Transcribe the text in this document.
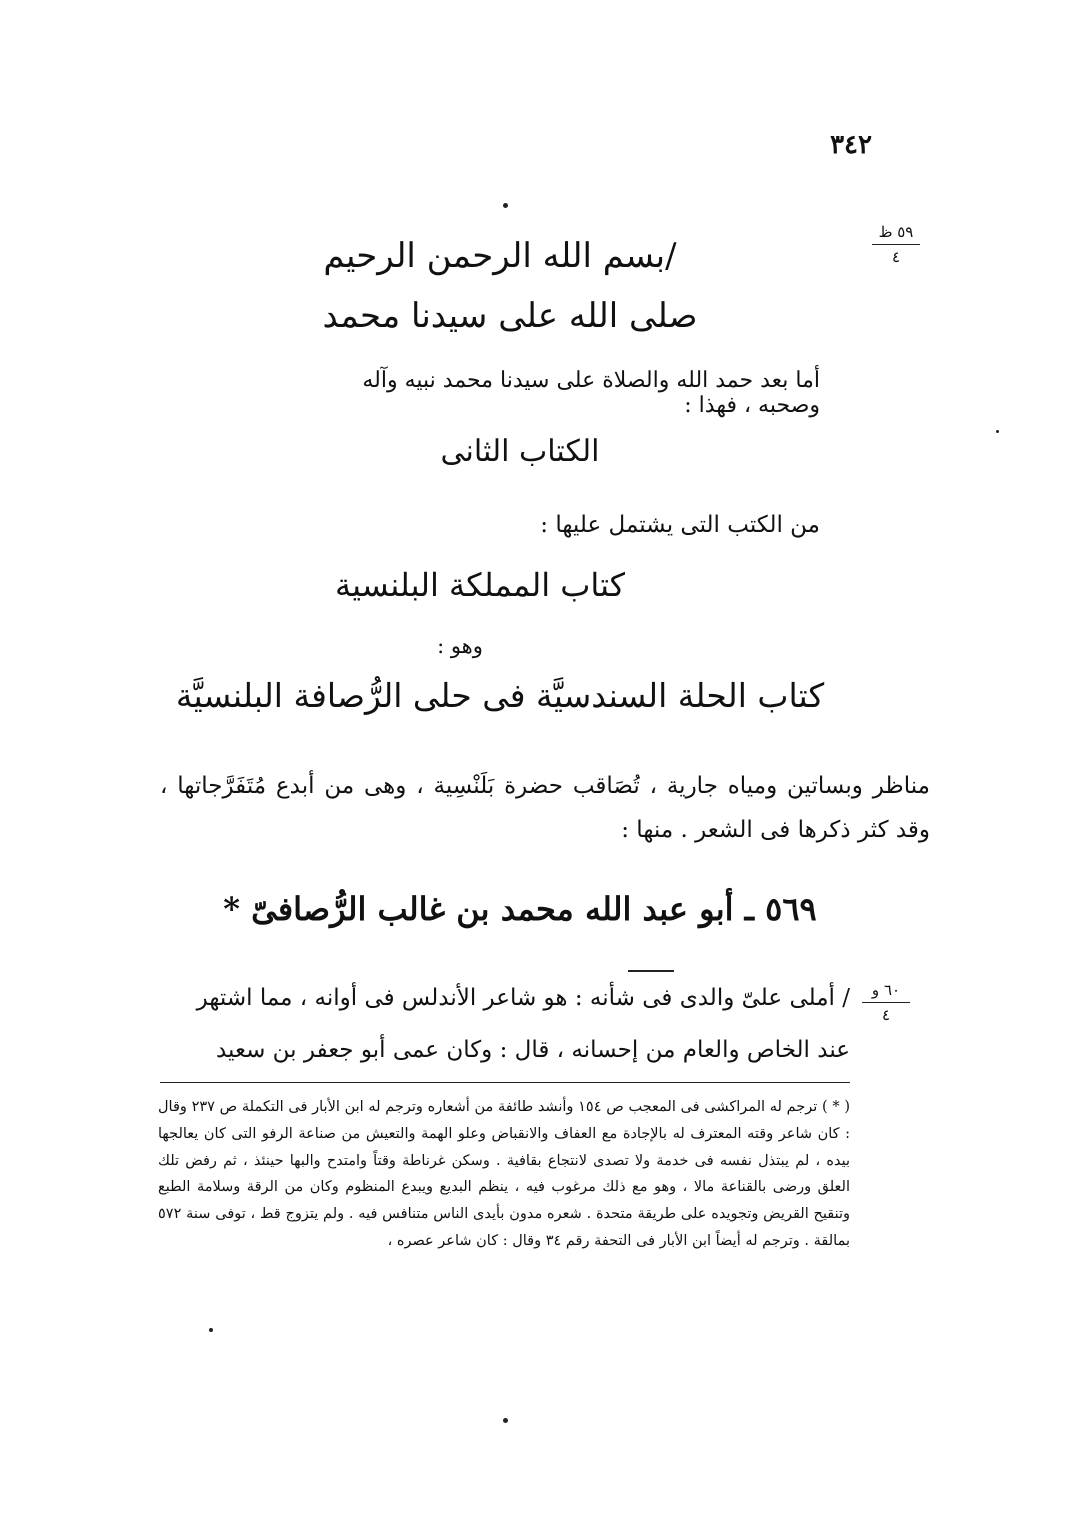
٣٤٢
٥٩ ظ
٤
٦٠ و
٤
/بسم الله الرحمن الرحيم
صلى الله على سيدنا محمد
أما بعد حمد الله والصلاة على سيدنا محمد نبيه وآله وصحبه ، فهذا :
الكتاب الثانى
من الكتب التى يشتمل عليها :
كتاب المملكة البلنسية
وهو :
كتاب الحلة السندسيَّة فى حلى الرُّصافة البلنسيَّة
مناظر وبساتين ومياه جارية ، تُصَاقب حضرة بَلَنْسِية ، وهى من أبدع مُتَفَرَّجاتها ، وقد كثر ذكرها فى الشعر . منها :
٥٦٩ ـ أبو عبد الله محمد بن غالب الرُّصافىّ *
/ أملى علىّ والدى فى شأنه : هو شاعر الأندلس فى أوانه ، مما اشتهر
عند الخاص والعام من إحسانه ، قال : وكان عمى أبو جعفر بن سعيد
( * ) ترجم له المراكشى فى المعجب ص ١٥٤ وأنشد طائفة من أشعاره وترجم له ابن الأبار فى التكملة ص ٢٣٧ وقال : كان شاعر وقته المعترف له بالإجادة مع العفاف والانقباض وعلو الهمة والتعيش من صناعة الرفو التى كان يعالجها بيده ، لم يبتذل نفسه فى خدمة ولا تصدى لانتجاع بقافية . وسكن غرناطة وقتاً وامتدح والبها حينئذ ، ثم رفض تلك العلق ورضى بالقناعة مالا ، وهو مع ذلك مرغوب فيه ، ينظم البديع ويبدع المنظوم وكان من الرقة وسلامة الطبع وتنقيح القريض وتجويده على طريقة متحدة . شعره مدون بأيدى الناس متنافس فيه . ولم يتزوج قط ، توفى سنة ٥٧٢ بمالقة . وترجم له أيضاً ابن الأبار فى التحفة رقم ٣٤ وقال : كان شاعر عصره ،
